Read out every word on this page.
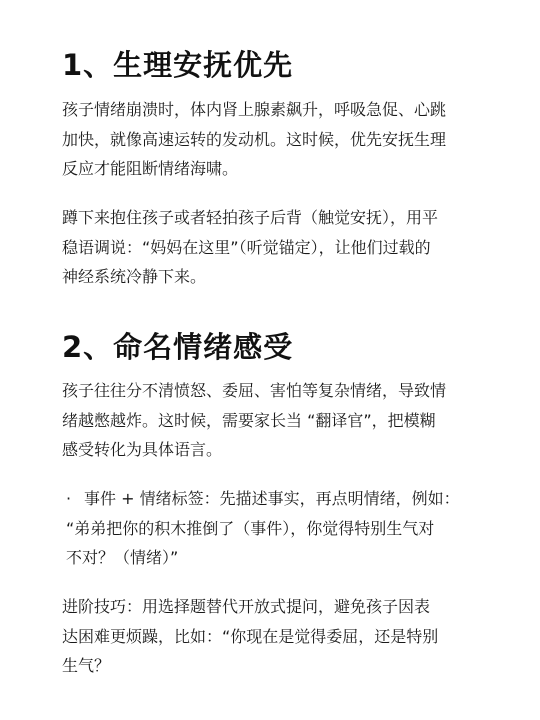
1、生理安抚优先
孩子情绪崩溃时，体内肾上腺素飙升，呼吸急促、心跳
加快，就像高速运转的发动机。这时候，优先安抚生理
反应才能阻断情绪海啸。
蹲下来抱住孩子或者轻拍孩子后背（触觉安抚），用平
稳语调说：“妈妈在这里”（听觉锚定），让他们过载的
神经系统冷静下来。
2、命名情绪感受
孩子往往分不清愤怒、委屈、害怕等复杂情绪，导致情
绪越憋越炸。这时候，需要家长当 “翻译官”，把模糊
感受转化为具体语言。
· 事件 + 情绪标签：先描述事实，再点明情绪，例如：
“弟弟把你的积木推倒了（事件），你觉得特别生气对
不对？（情绪）”
进阶技巧：用选择题替代开放式提问，避免孩子因表
达困难更烦躁，比如：“你现在是觉得委屈，还是特别
生气？
